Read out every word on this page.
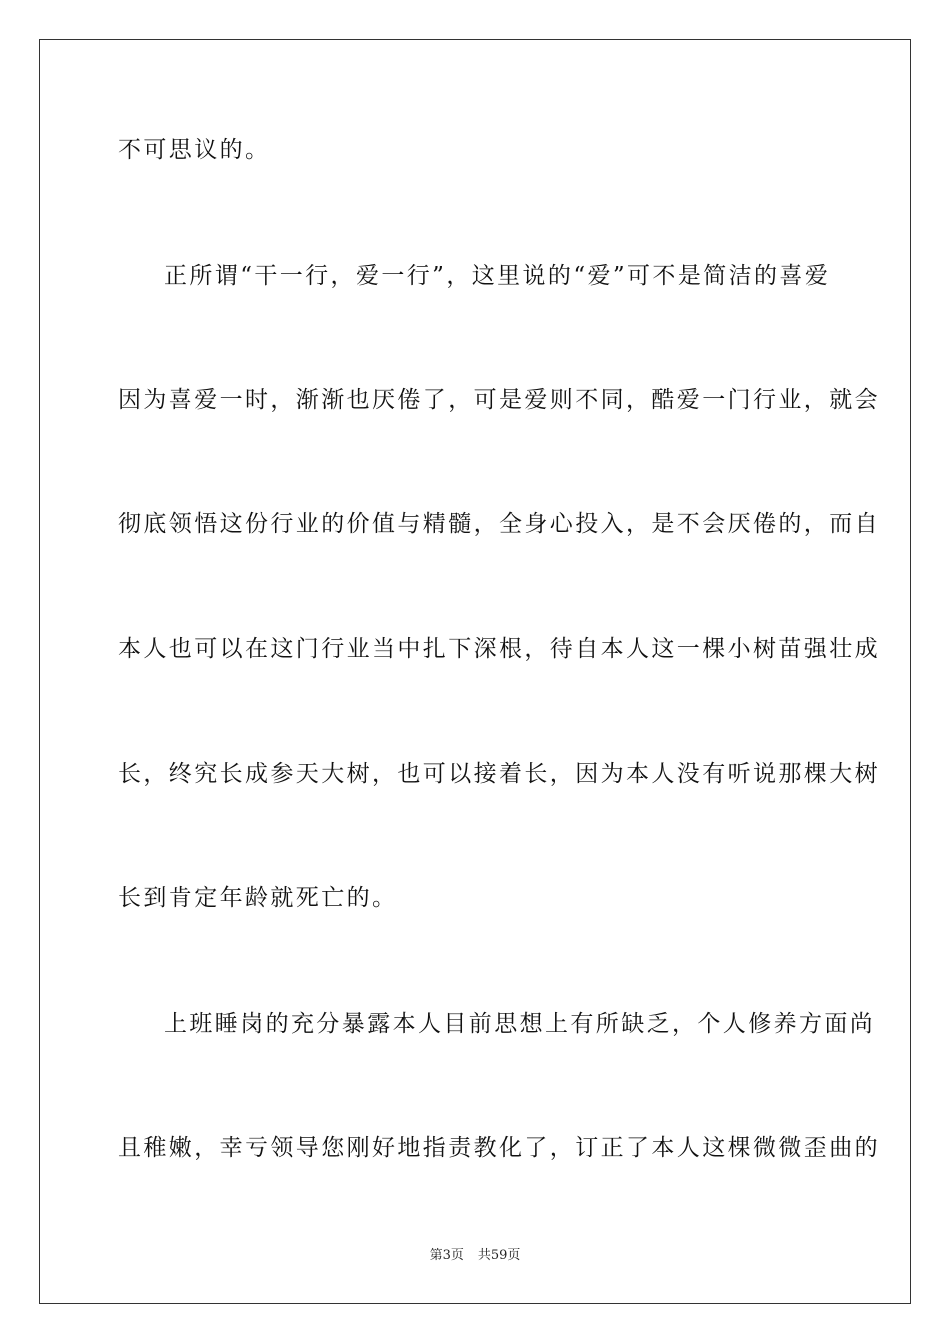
不可思议的。
正所谓“干一行，爱一行”，这里说的“爱”可不是简洁的喜爱
因为喜爱一时，渐渐也厌倦了，可是爱则不同，酷爱一门行业，就会
彻底领悟这份行业的价值与精髓，全身心投入，是不会厌倦的，而自
本人也可以在这门行业当中扎下深根，待自本人这一棵小树苗强壮成
长，终究长成参天大树，也可以接着长，因为本人没有听说那棵大树
长到肯定年龄就死亡的。
上班睡岗的充分暴露本人目前思想上有所缺乏，个人修养方面尚
且稚嫩，幸亏领导您刚好地指责教化了，订正了本人这棵微微歪曲的
第3页 共59页
